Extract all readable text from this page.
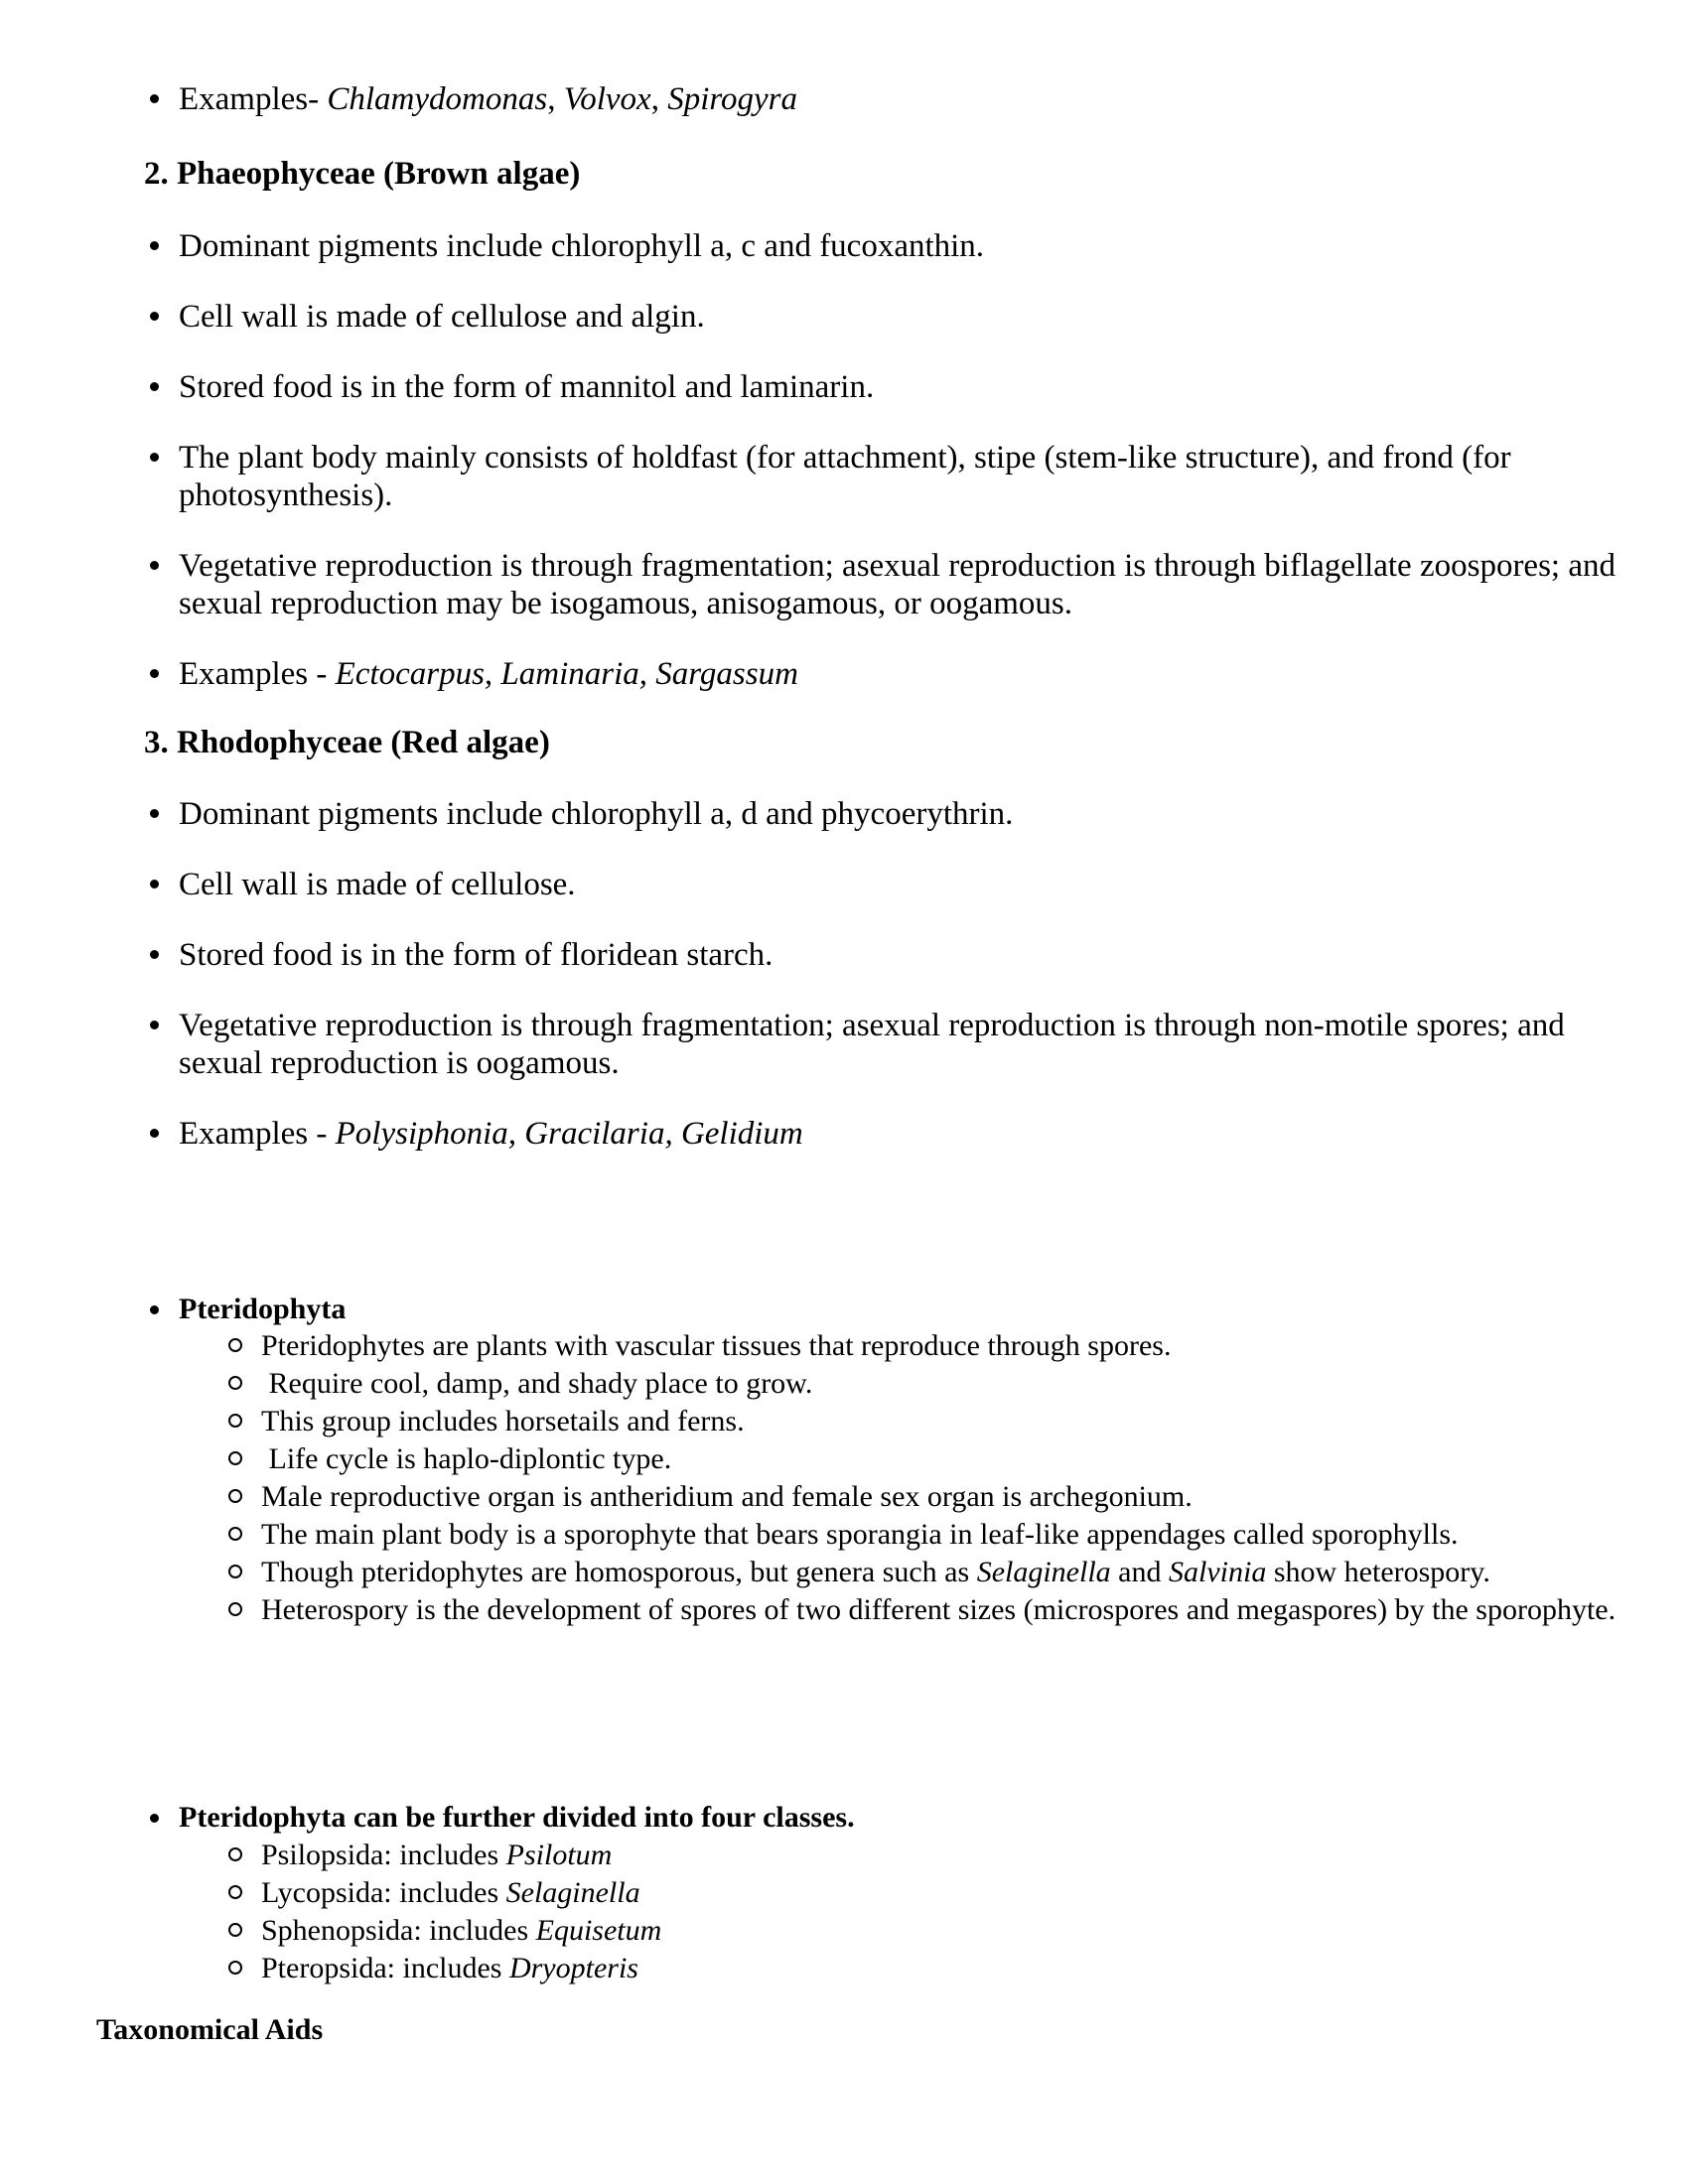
Examples- Chlamydomonas, Volvox, Spirogyra
2. Phaeophyceae (Brown algae)
Dominant pigments include chlorophyll a, c and fucoxanthin.
Cell wall is made of cellulose and algin.
Stored food is in the form of mannitol and laminarin.
The plant body mainly consists of holdfast (for attachment), stipe (stem-like structure), and frond (for photosynthesis).
Vegetative reproduction is through fragmentation; asexual reproduction is through biflagellate zoospores; and sexual reproduction may be isogamous, anisogamous, or oogamous.
Examples - Ectocarpus, Laminaria, Sargassum
3. Rhodophyceae (Red algae)
Dominant pigments include chlorophyll a, d and phycoerythrin.
Cell wall is made of cellulose.
Stored food is in the form of floridean starch.
Vegetative reproduction is through fragmentation; asexual reproduction is through non-motile spores; and sexual reproduction is oogamous.
Examples - Polysiphonia, Gracilaria, Gelidium
Pteridophyta
Pteridophytes are plants with vascular tissues that reproduce through spores.
Require cool, damp, and shady place to grow.
This group includes horsetails and ferns.
Life cycle is haplo-diplontic type.
Male reproductive organ is antheridium and female sex organ is archegonium.
The main plant body is a sporophyte that bears sporangia in leaf-like appendages called sporophylls.
Though pteridophytes are homosporous, but genera such as Selaginella and Salvinia show heterospory.
Heterospory is the development of spores of two different sizes (microspores and megaspores) by the sporophyte.
Pteridophyta can be further divided into four classes.
Psilopsida: includes Psilotum
Lycopsida: includes Selaginella
Sphenopsida: includes Equisetum
Pteropsida: includes Dryopteris
Taxonomical Aids
